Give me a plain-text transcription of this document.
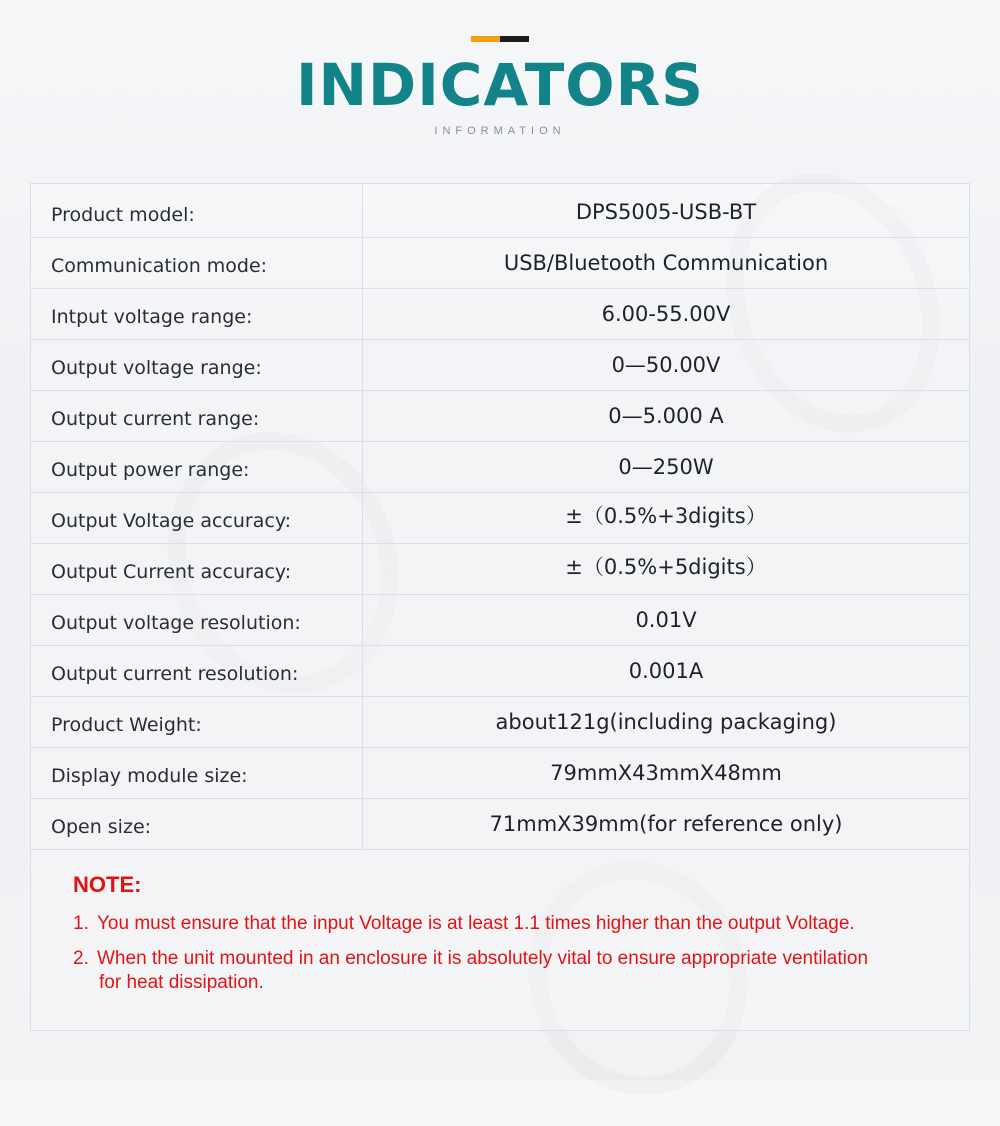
INDICATORS
INFORMATION
Product model:	DPS5005-USB-BT
Communication mode:	USB/Bluetooth Communication
Intput voltage range:	6.00-55.00V
Output voltage range:	0—50.00V
Output current range:	0—5.000 A
Output power range:	0—250W
Output Voltage accuracy:	±（0.5%+3digits）
Output Current accuracy:	±（0.5%+5digits）
Output voltage resolution:	0.01V
Output current resolution:	0.001A
Product Weight:	about121g(including packaging)
Display module size:	79mmX43mmX48mm
Open size:	71mmX39mm(for reference only)
NOTE:
1. You must ensure that the input Voltage is at least 1.1 times higher than the output Voltage.
2. When the unit mounted in an enclosure it is absolutely vital to ensure appropriate ventilation
for heat dissipation.
